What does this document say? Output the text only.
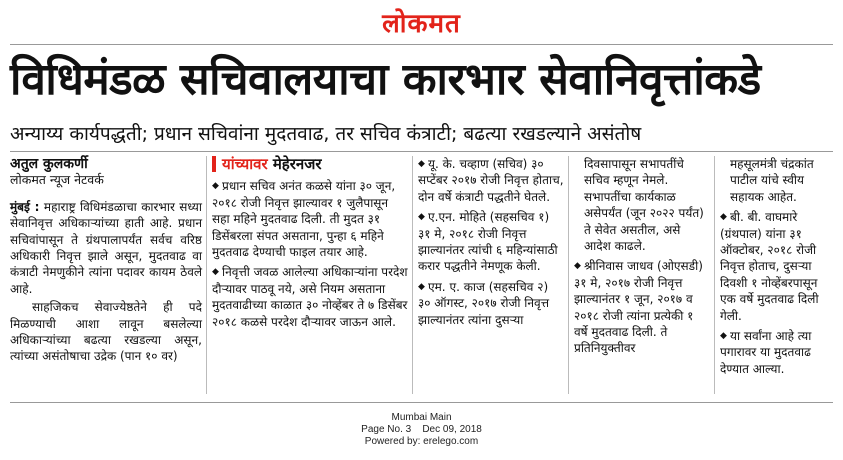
लोकमत
विधिमंडळ सचिवालयाचा कारभार सेवानिवृत्तांकडे
अन्याय्य कार्यपद्धती; प्रधान सचिवांना मुदतवाढ, तर सचिव कंत्राटी; बढत्या रखडल्याने असंतोष
अतुल कुलकर्णी
लोकमत न्यूज नेटवर्क

मुंबई : महाराष्ट्र विधिमंडळाचा कारभार सध्या सेवानिवृत्त अधिकाऱ्यांच्या हाती आहे. प्रधान सचिवांपासून ते ग्रंथपालापर्यंत सर्वच वरिष्ठ अधिकारी निवृत्त झाले असून, मुदतवाढ वा कंत्राटी नेमणुकीने त्यांना पदावर कायम ठेवले आहे.

साहजिकच सेवाज्येष्ठतेने ही पदे मिळण्याची आशा लावून बसलेल्या अधिकाऱ्यांच्या बढत्या रखडल्या असून, त्यांच्या असंतोषाचा उद्रेक (पान १० वर)

यांच्यावर मेहेरनजर
◆ प्रधान सचिव अनंत कळसे यांना ३० जून, २०१८ रोजी निवृत्त झाल्यावर १ जुलैपासून सहा महिने मुदतवाढ दिली. ती मुदत ३१ डिसेंबरला संपत असताना, पुन्हा ६ महिने मुदतवाढ देण्याची फाइल तयार आहे.
◆ निवृत्ती जवळ आलेल्या अधिकाऱ्यांना परदेश दौऱ्यावर पाठवू नये, असे नियम असताना मुदतवाढीच्या काळात ३० नोव्हेंबर ते ७ डिसेंबर २०१८ कळसे परदेश दौऱ्यावर जाऊन आले.
◆ यू. के. चव्हाण (सचिव) ३० सप्टेंबर २०१७ रोजी निवृत्त होताच, दोन वर्षे कंत्राटी पद्धतीने घेतले.
◆ ए.एन. मोहिते (सहसचिव १) ३१ मे, २०१८ रोजी निवृत्त झाल्यानंतर त्यांची ६ महिन्यांसाठी करार पद्धतीने नेमणूक केली.
◆ एम. ए. काज (सहसचिव २) ३० ऑगस्ट, २०१७ रोजी निवृत्त झाल्यानंतर त्यांना दुसऱ्या
दिवसापासून सभापतींचे सचिव म्हणून नेमले. सभापतींचा कार्यकाळ असेपर्यंत (जून २०२२ पर्यंत) ते सेवेत असतील, असे आदेश काढले.
◆ श्रीनिवास जाधव (ओएसडी) ३१ मे, २०१७ रोजी निवृत्त झाल्यानंतर १ जून, २०१७ व २०१८ रोजी त्यांना प्रत्येकी १ वर्षे मुदतवाढ दिली. ते प्रतिनियुक्तीवर
महसूलमंत्री चंद्रकांत पाटील यांचे स्वीय सहायक आहेत.
◆ बी. बी. वाघमारे (ग्रंथपाल) यांना ३१ ऑक्टोबर, २०१८ रोजी निवृत्त होताच, दुसऱ्या दिवशी १ नोव्हेंबरपासून एक वर्षे मुदतवाढ दिली गेली.
◆ या सर्वांना आहे त्या पगारावर या मुदतवाढ देण्यात आल्या.
Mumbai Main
Page No. 3 Dec 09, 2018
Powered by: erelego.com
